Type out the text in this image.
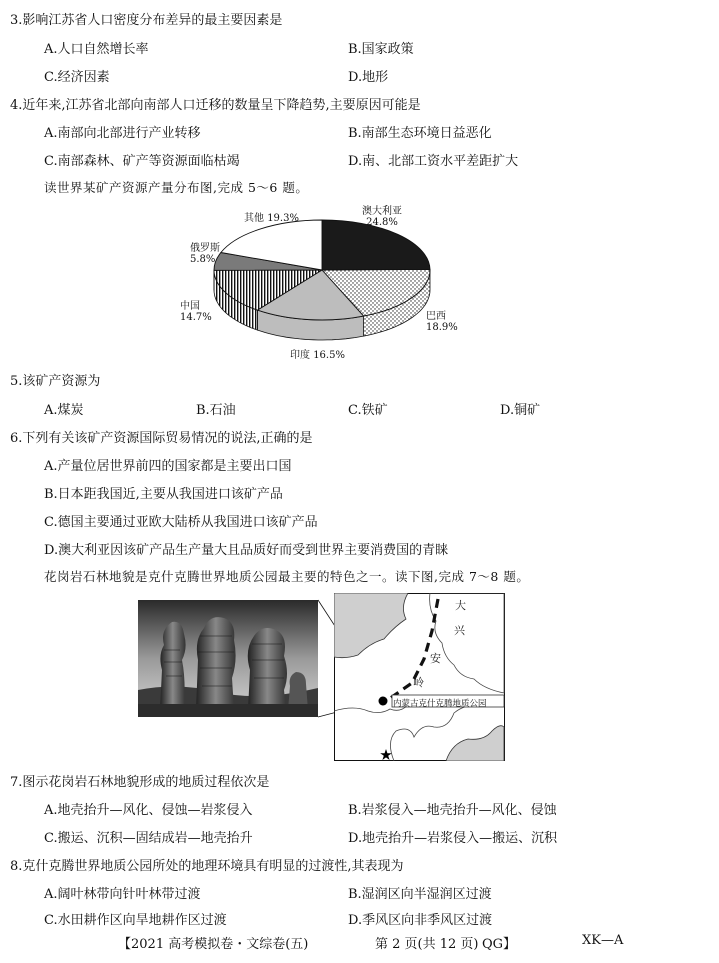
3.影响江苏省人口密度分布差异的最主要因素是
A.人口自然增长率	B.国家政策
C.经济因素	D.地形
4.近年来,江苏省北部向南部人口迁移的数量呈下降趋势,主要原因可能是
A.南部向北部进行产业转移	B.南部生态环境日益恶化
C.南部森林、矿产等资源面临枯竭	D.南、北部工资水平差距扩大
读世界某矿产资源产量分布图,完成 5～6 题。
其他 19.3%
澳大利亚
24.8%
俄罗斯
5.8%
中国
14.7%	巴西
18.9%
印度 16.5%
5.该矿产资源为
A.煤炭	B.石油	C.铁矿	D.铜矿
6.下列有关该矿产资源国际贸易情况的说法,正确的是
A.产量位居世界前四的国家都是主要出口国
B.日本距我国近,主要从我国进口该矿产品
C.德国主要通过亚欧大陆桥从我国进口该矿产品
D.澳大利亚因该矿产品生产量大且品质好而受到世界主要消费国的青睐
花岗岩石林地貌是克什克腾世界地质公园最主要的特色之一。读下图,完成 7～8 题。
大
兴
安
岭
内蒙古克什克腾地质公园
7.图示花岗岩石林地貌形成的地质过程依次是
A.地壳抬升—风化、侵蚀—岩浆侵入	B.岩浆侵入—地壳抬升—风化、侵蚀
C.搬运、沉积—固结成岩—地壳抬升	D.地壳抬升—岩浆侵入—搬运、沉积
8.克什克腾世界地质公园所处的地理环境具有明显的过渡性,其表现为
A.阔叶林带向针叶林带过渡	B.湿润区向半湿润区过渡
C.水田耕作区向旱地耕作区过渡	D.季风区向非季风区过渡
【2021 高考模拟卷・文综卷(五)	第 2 页(共 12 页) QG】	XK—A
